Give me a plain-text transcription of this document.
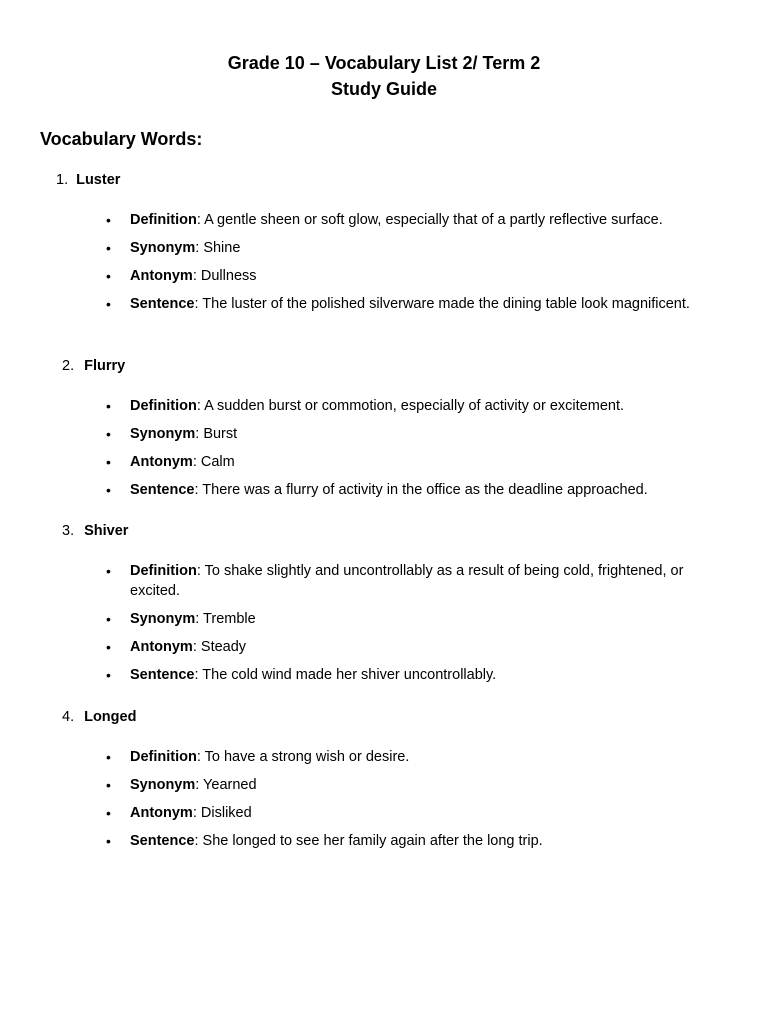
Grade 10 – Vocabulary List 2/ Term 2
Study Guide
Vocabulary Words:
1. Luster
• Definition: A gentle sheen or soft glow, especially that of a partly reflective surface.
• Synonym: Shine
• Antonym: Dullness
• Sentence: The luster of the polished silverware made the dining table look magnificent.
2. Flurry
• Definition: A sudden burst or commotion, especially of activity or excitement.
• Synonym: Burst
• Antonym: Calm
• Sentence: There was a flurry of activity in the office as the deadline approached.
3. Shiver
• Definition: To shake slightly and uncontrollably as a result of being cold, frightened, or excited.
• Synonym: Tremble
• Antonym: Steady
• Sentence: The cold wind made her shiver uncontrollably.
4. Longed
• Definition: To have a strong wish or desire.
• Synonym: Yearned
• Antonym: Disliked
• Sentence: She longed to see her family again after the long trip.
